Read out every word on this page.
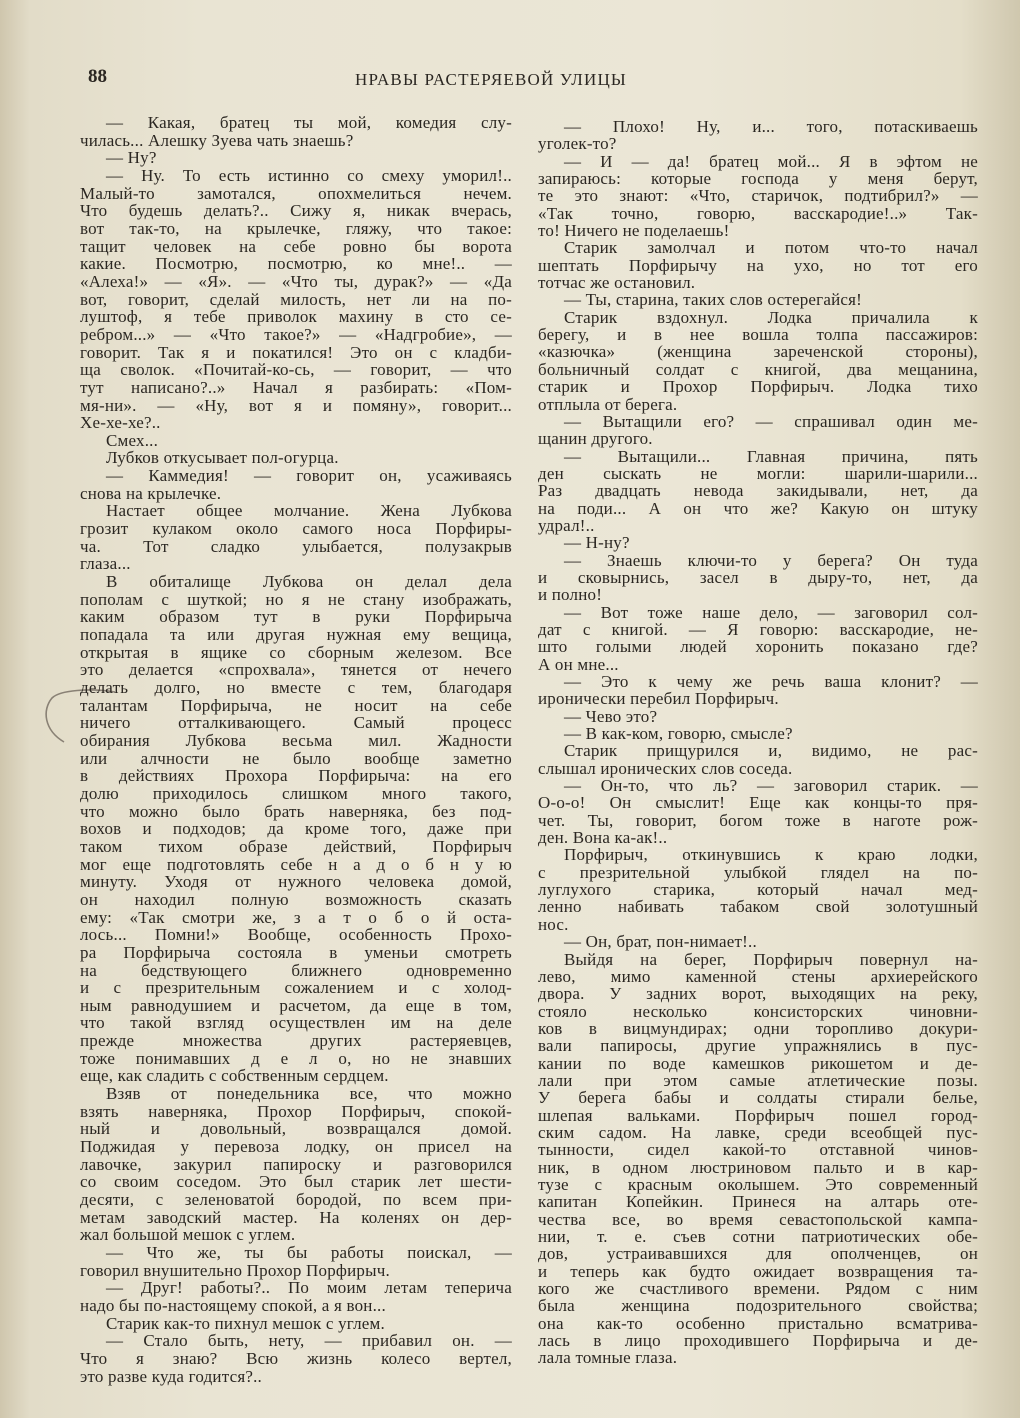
88	НРАВЫ РАСТЕРЯЕВОЙ УЛИЦЫ
— Какая, братец ты мой, комедия слу-
чилась... Алешку Зуева чать знаешь?
— Ну?
— Ну. То есть истинно со смеху уморил!..
Малый-то замотался, опохмелиться нечем.
Что будешь делать?.. Сижу я, никак вчерась,
вот так-то, на крылечке, гляжу, что такое:
тащит человек на себе ровно бы ворота
какие. Посмотрю, посмотрю, ко мне!.. —
«Алеха!» — «Я». — «Что ты, дурак?» — «Да
вот, говорит, сделай милость, нет ли на по-
луштоф, я тебе приволок махину в сто се-
ребром...» — «Что такое?» — «Надгробие», —
говорит. Так я и покатился! Это он с кладби-
ща сволок. «Почитай-ко-сь, — говорит, — что
тут написано?..» Начал я разбирать: «Пом-
мя-ни». — «Ну, вот я и помяну», говорит...
Хе-хе-хе?..
Смех...
Лубков откусывает пол-огурца.
— Каммедия! — говорит он, усаживаясь
снова на крылечке.
Настает общее молчание. Жена Лубкова
грозит кулаком около самого носа Порфиры-
ча. Тот сладко улыбается, полузакрыв
глаза...
В обиталище Лубкова он делал дела
пополам с шуткой; но я не стану изображать,
каким образом тут в руки Порфирыча
попадала та или другая нужная ему вещица,
открытая в ящике со сборным железом. Все
это делается «спрохвала», тянется от нечего
делать долго, но вместе с тем, благодаря
талантам Порфирыча, не носит на себе
ничего отталкивающего. Самый процесс
обирания Лубкова весьма мил. Жадности
или алчности не было вообще заметно
в действиях Прохора Порфирыча: на его
долю приходилось слишком много такого,
что можно было брать наверняка, без под-
вохов и подходов; да кроме того, даже при
таком тихом образе действий, Порфирыч
мог еще подготовлять себе н а д о б н у ю
минуту. Уходя от нужного человека домой,
он находил полную возможность сказать
ему: «Так смотри же, з а т о б о й оста-
лось... Помни!» Вообще, особенность Прохо-
ра Порфирыча состояла в уменьи смотреть
на бедствующего ближнего одновременно
и с презрительным сожалением и с холод-
ным равнодушием и расчетом, да еще в том,
что такой взгляд осуществлен им на деле
прежде множества других растеряевцев,
тоже понимавших д е л о, но не знавших
еще, как сладить с собственным сердцем.
Взяв от понедельника все, что можно
взять наверняка, Прохор Порфирыч, спокой-
ный и довольный, возвращался домой.
Поджидая у перевоза лодку, он присел на
лавочке, закурил папироску и разговорился
со своим соседом. Это был старик лет шести-
десяти, с зеленоватой бородой, по всем при-
метам заводский мастер. На коленях он дер-
жал большой мешок с углем.
— Что же, ты бы работы поискал, —
говорил внушительно Прохор Порфирыч.
— Друг! работы?.. По моим летам теперича
надо бы по-настоящему спокой, а я вон...
Старик как-то пихнул мешок с углем.
— Стало быть, нету, — прибавил он. —
Что я знаю? Всю жизнь колесо вертел,
это разве куда годится?..
— Плохо! Ну, и... того, потаскиваешь
уголек-то?
— И — да! братец мой... Я в эфтом не
запираюсь: которые господа у меня берут,
те это знают: «Что, старичок, подтибрил?» —
«Так точно, говорю, васскародие!..» Так-
то! Ничего не поделаешь!
Старик замолчал и потом что-то начал
шептать Порфирычу на ухо, но тот его
тотчас же остановил.
— Ты, старина, таких слов остерегайся!
Старик вздохнул. Лодка причалила к
берегу, и в нее вошла толпа пассажиров:
«казючка» (женщина зареченской стороны),
больничный солдат с книгой, два мещанина,
старик и Прохор Порфирыч. Лодка тихо
отплыла от берега.
— Вытащили его? — спрашивал один ме-
щанин другого.
— Вытащили... Главная причина, пять
ден сыскать не могли: шарили-шарили...
Раз двадцать невода закидывали, нет, да
на поди... А он что же? Какую он штуку
удрал!..
— Н-ну?
— Знаешь ключи-то у берега? Он туда
и сковырнись, засел в дыру-то, нет, да
и полно!
— Вот тоже наше дело, — заговорил сол-
дат с книгой. — Я говорю: васскародие, не-
што голыми людей хоронить показано где?
А он мне...
— Это к чему же речь ваша клонит? —
иронически перебил Порфирыч.
— Чево это?
— В как-ком, говорю, смысле?
Старик прищурился и, видимо, не рас-
слышал иронических слов соседа.
— Он-то, что ль? — заговорил старик. —
О-о-о! Он смыслит! Еще как концы-то пря-
чет. Ты, говорит, богом тоже в наготе рож-
ден. Вона ка-ак!..
Порфирыч, откинувшись к краю лодки,
с презрительной улыбкой глядел на по-
луглухого старика, который начал мед-
ленно набивать табаком свой золотушный
нос.
— Он, брат, пон-нимает!..
Выйдя на берег, Порфирыч повернул на-
лево, мимо каменной стены архиерейского
двора. У задних ворот, выходящих на реку,
стояло несколько консисторских чиновни-
ков в вицмундирах; одни торопливо докури-
вали папиросы, другие упражнялись в пус-
кании по воде камешков рикошетом и де-
лали при этом самые атлетические позы.
У берега бабы и солдаты стирали белье,
шлепая вальками. Порфирыч пошел город-
ским садом. На лавке, среди всеобщей пус-
тынности, сидел какой-то отставной чинов-
ник, в одном люстриновом пальто и в кар-
тузе с красным околышем. Это современный
капитан Копейкин. Принеся на алтарь оте-
чества все, во время севастопольской кампа-
нии, т. е. съев сотни патриотических обе-
дов, устраивавшихся для ополченцев, он
и теперь как будто ожидает возвращения та-
кого же счастливого времени. Рядом с ним
была женщина подозрительного свойства;
она как-то особенно пристально всматрива-
лась в лицо проходившего Порфирыча и де-
лала томные глаза.
